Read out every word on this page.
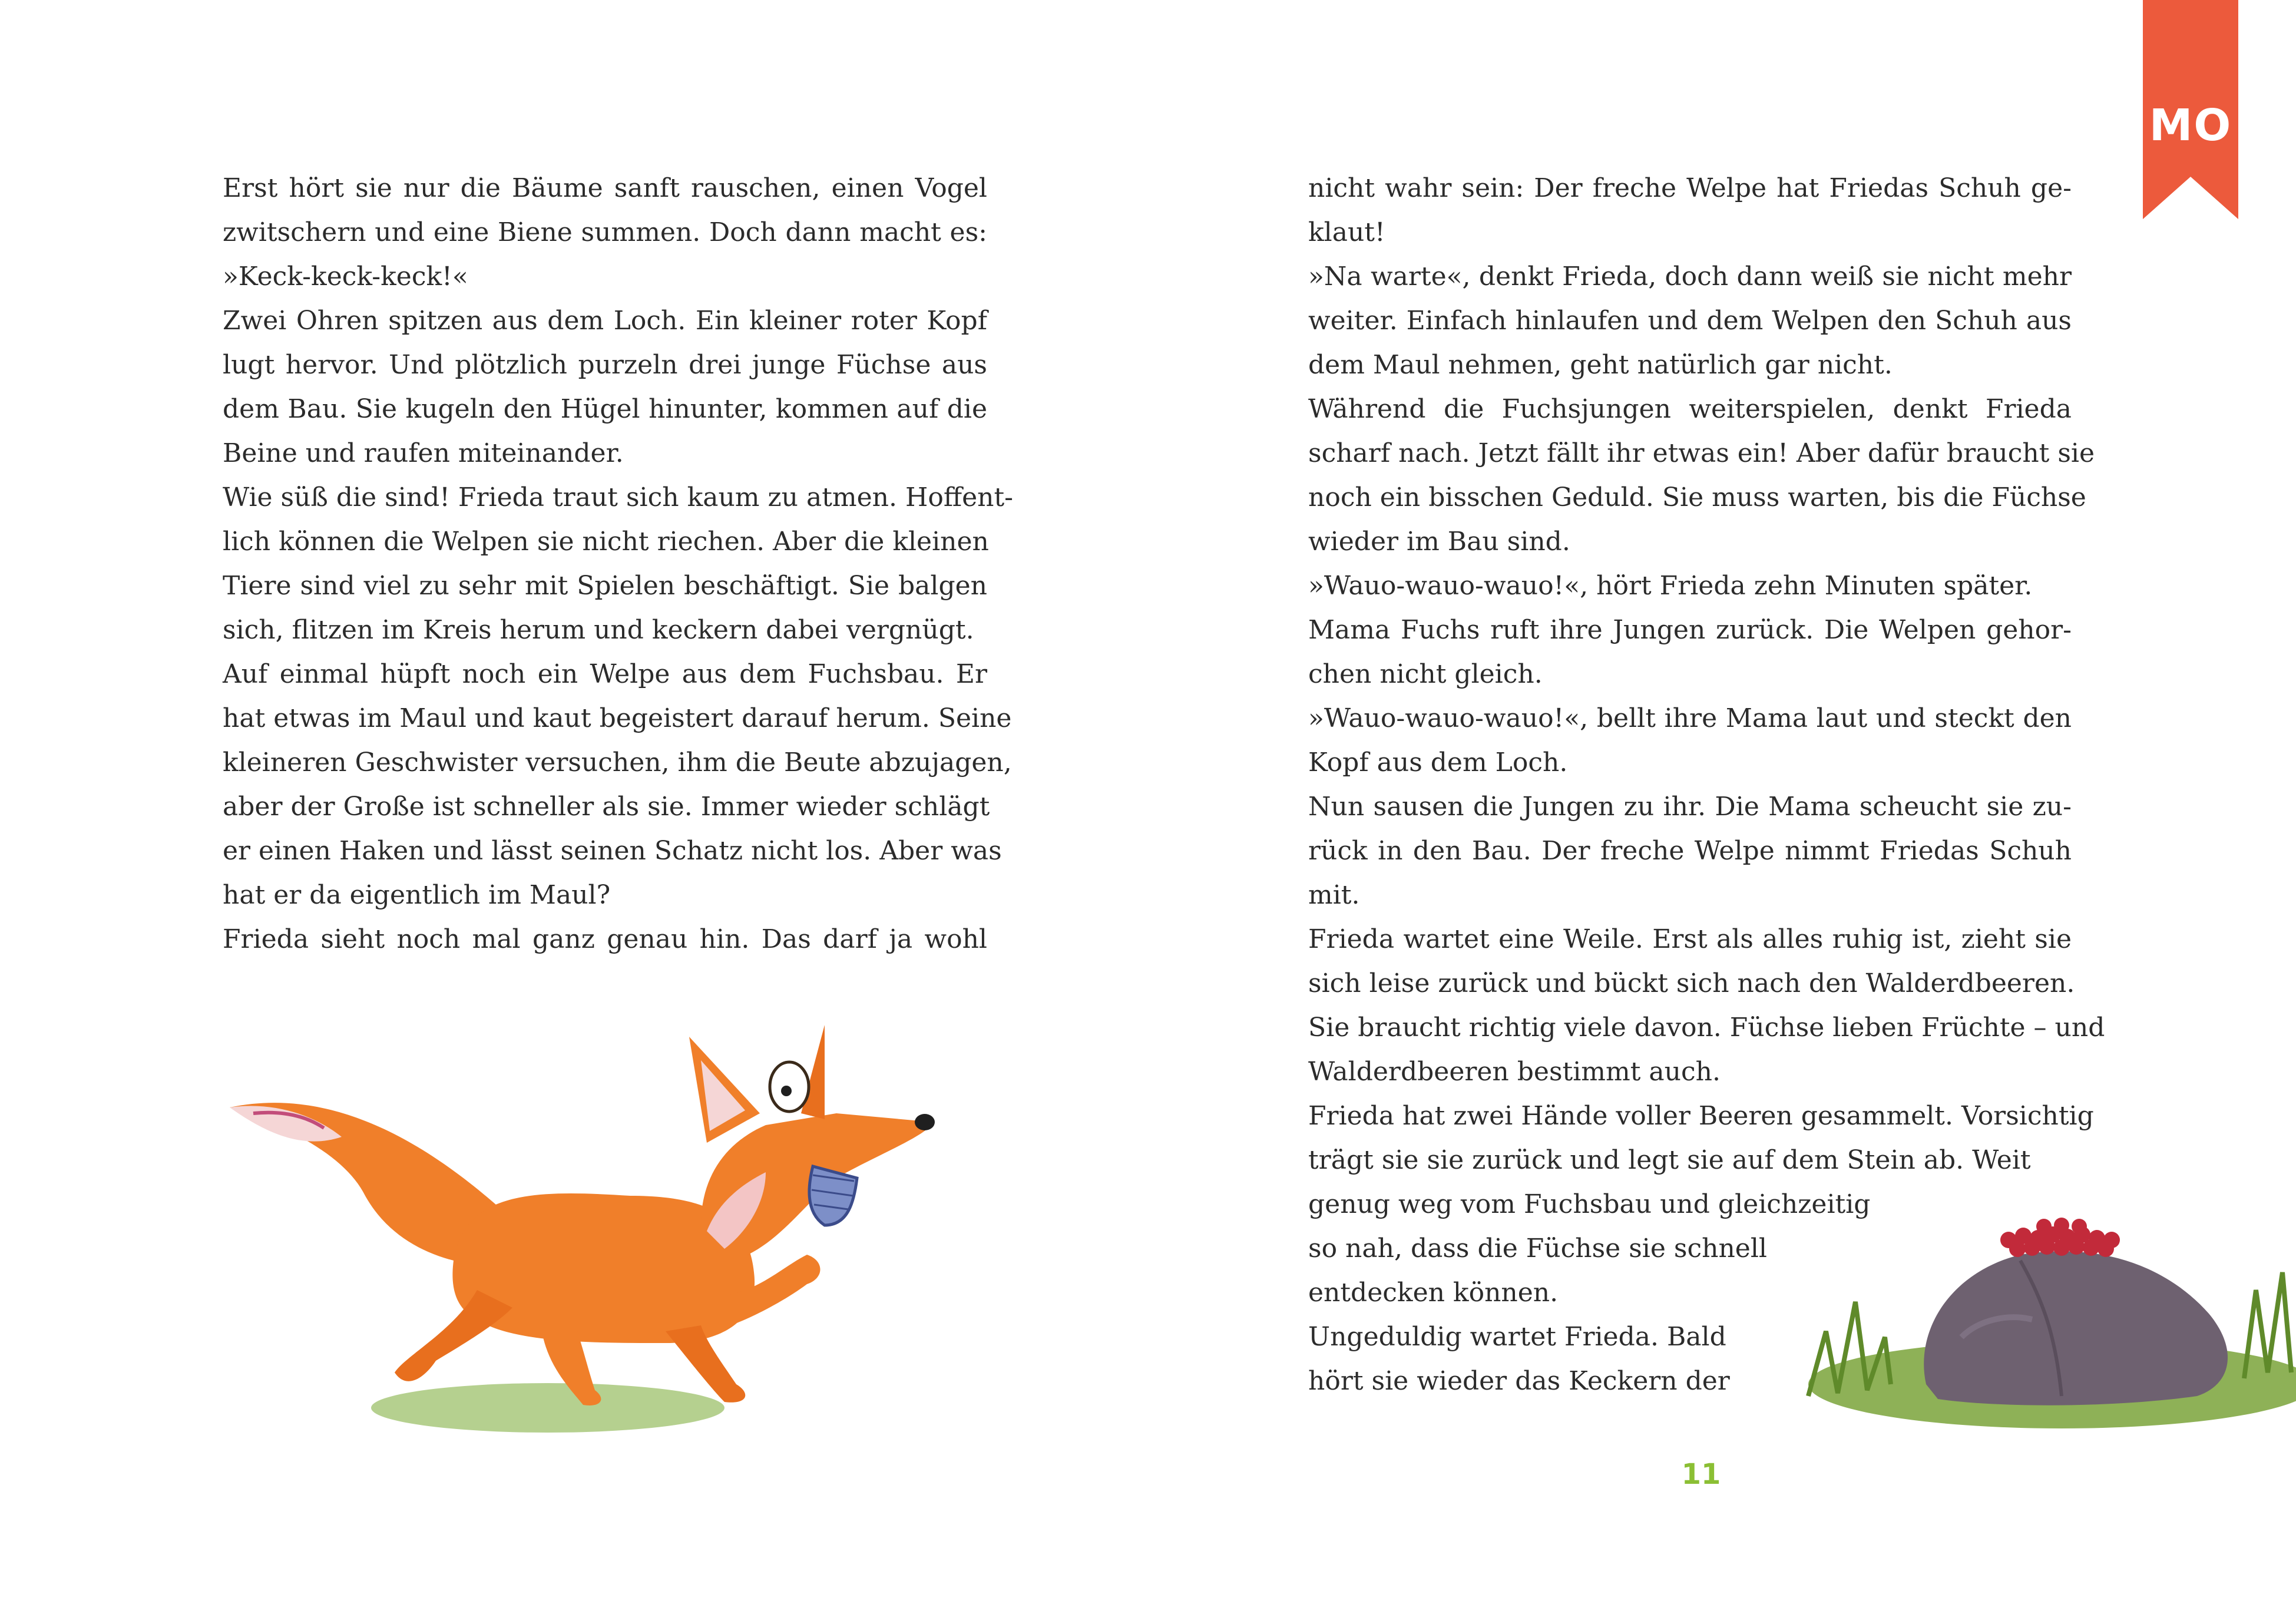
Erst hört sie nur die Bäume sanft rauschen, einen Vogel
zwitschern und eine Biene summen. Doch dann macht es:
»Keck-keck-keck!«
Zwei Ohren spitzen aus dem Loch. Ein kleiner roter Kopf
lugt hervor. Und plötzlich purzeln drei junge Füchse aus
dem Bau. Sie kugeln den Hügel hinunter, kommen auf die
Beine und raufen miteinander.
Wie süß die sind! Frieda traut sich kaum zu atmen. Hoffent-
lich können die Welpen sie nicht riechen. Aber die kleinen
Tiere sind viel zu sehr mit Spielen beschäftigt. Sie balgen
sich, flitzen im Kreis herum und keckern dabei vergnügt.
Auf einmal hüpft noch ein Welpe aus dem Fuchsbau. Er
hat etwas im Maul und kaut begeistert darauf herum. Seine
kleineren Geschwister versuchen, ihm die Beute abzujagen,
aber der Große ist schneller als sie. Immer wieder schlägt
er einen Haken und lässt seinen Schatz nicht los. Aber was
hat er da eigentlich im Maul?
Frieda sieht noch mal ganz genau hin. Das darf ja wohl
nicht wahr sein: Der freche Welpe hat Friedas Schuh ge-
klaut!
»Na warte«, denkt Frieda, doch dann weiß sie nicht mehr
weiter. Einfach hinlaufen und dem Welpen den Schuh aus
dem Maul nehmen, geht natürlich gar nicht.
Während die Fuchsjungen weiterspielen, denkt Frieda
scharf nach. Jetzt fällt ihr etwas ein! Aber dafür braucht sie
noch ein bisschen Geduld. Sie muss warten, bis die Füchse
wieder im Bau sind.
»Wauo-wauo-wauo!«, hört Frieda zehn Minuten später.
Mama Fuchs ruft ihre Jungen zurück. Die Welpen gehor-
chen nicht gleich.
»Wauo-wauo-wauo!«, bellt ihre Mama laut und steckt den
Kopf aus dem Loch.
Nun sausen die Jungen zu ihr. Die Mama scheucht sie zu-
rück in den Bau. Der freche Welpe nimmt Friedas Schuh
mit.
Frieda wartet eine Weile. Erst als alles ruhig ist, zieht sie
sich leise zurück und bückt sich nach den Walderdbeeren.
Sie braucht richtig viele davon. Füchse lieben Früchte – und
Walderdbeeren bestimmt auch.
Frieda hat zwei Hände voller Beeren gesammelt. Vorsichtig
trägt sie sie zurück und legt sie auf dem Stein ab. Weit
genug weg vom Fuchsbau und gleichzeitig
so nah, dass die Füchse sie schnell
entdecken können.
Ungeduldig wartet Frieda. Bald
hört sie wieder das Keckern der
MO
11
